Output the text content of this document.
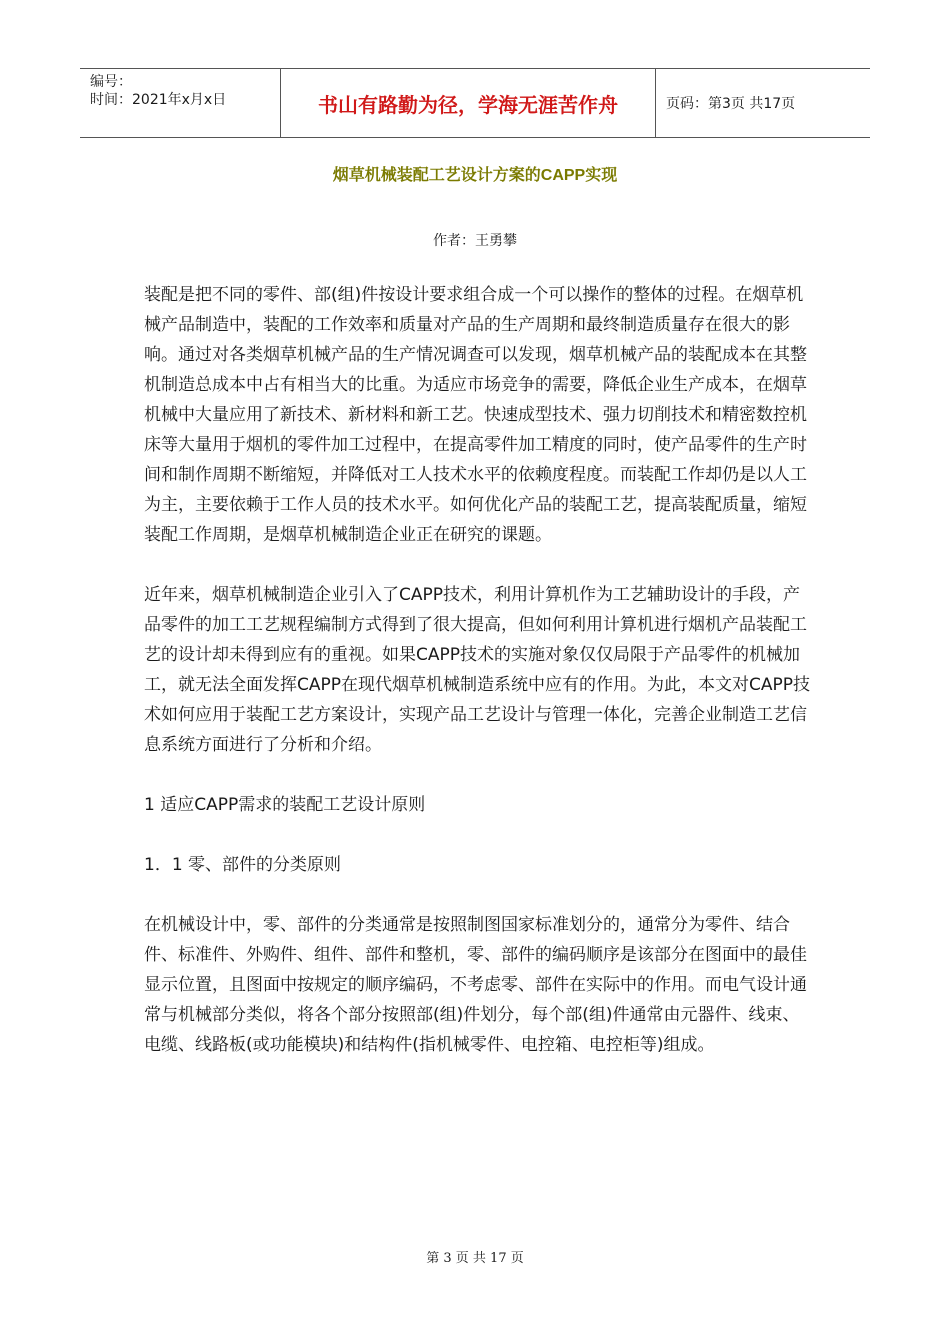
编号：
时间：2021年x月x日	书山有路勤为径，学海无涯苦作舟	页码：第3页 共17页
烟草机械装配工艺设计方案的CAPP实现
作者：王勇攀

装配是把不同的零件、部(组)件按设计要求组合成一个可以操作的整体的过程。在烟草机械产品制造中，装配的工作效率和质量对产品的生产周期和最终制造质量存在很大的影响。通过对各类烟草机械产品的生产情况调查可以发现，烟草机械产品的装配成本在其整机制造总成本中占有相当大的比重。为适应市场竞争的需要，降低企业生产成本，在烟草机械中大量应用了新技术、新材料和新工艺。快速成型技术、强力切削技术和精密数控机床等大量用于烟机的零件加工过程中，在提高零件加工精度的同时，使产品零件的生产时间和制作周期不断缩短，并降低对工人技术水平的依赖度程度。而装配工作却仍是以人工为主，主要依赖于工作人员的技术水平。如何优化产品的装配工艺，提高装配质量，缩短装配工作周期，是烟草机械制造企业正在研究的课题。

近年来，烟草机械制造企业引入了CAPP技术，利用计算机作为工艺辅助设计的手段，产品零件的加工工艺规程编制方式得到了很大提高，但如何利用计算机进行烟机产品装配工艺的设计却未得到应有的重视。如果CAPP技术的实施对象仅仅局限于产品零件的机械加工，就无法全面发挥CAPP在现代烟草机械制造系统中应有的作用。为此，本文对CAPP技术如何应用于装配工艺方案设计，实现产品工艺设计与管理一体化，完善企业制造工艺信息系统方面进行了分析和介绍。

1 适应CAPP需求的装配工艺设计原则

1．1 零、部件的分类原则

在机械设计中，零、部件的分类通常是按照制图国家标准划分的，通常分为零件、结合件、标准件、外购件、组件、部件和整机，零、部件的编码顺序是该部分在图面中的最佳显示位置，且图面中按规定的顺序编码，不考虑零、部件在实际中的作用。而电气设计通常与机械部分类似，将各个部分按照部(组)件划分，每个部(组)件通常由元器件、线束、电缆、线路板(或功能模块)和结构件(指机械零件、电控箱、电控柜等)组成。

第 3 页 共 17 页
